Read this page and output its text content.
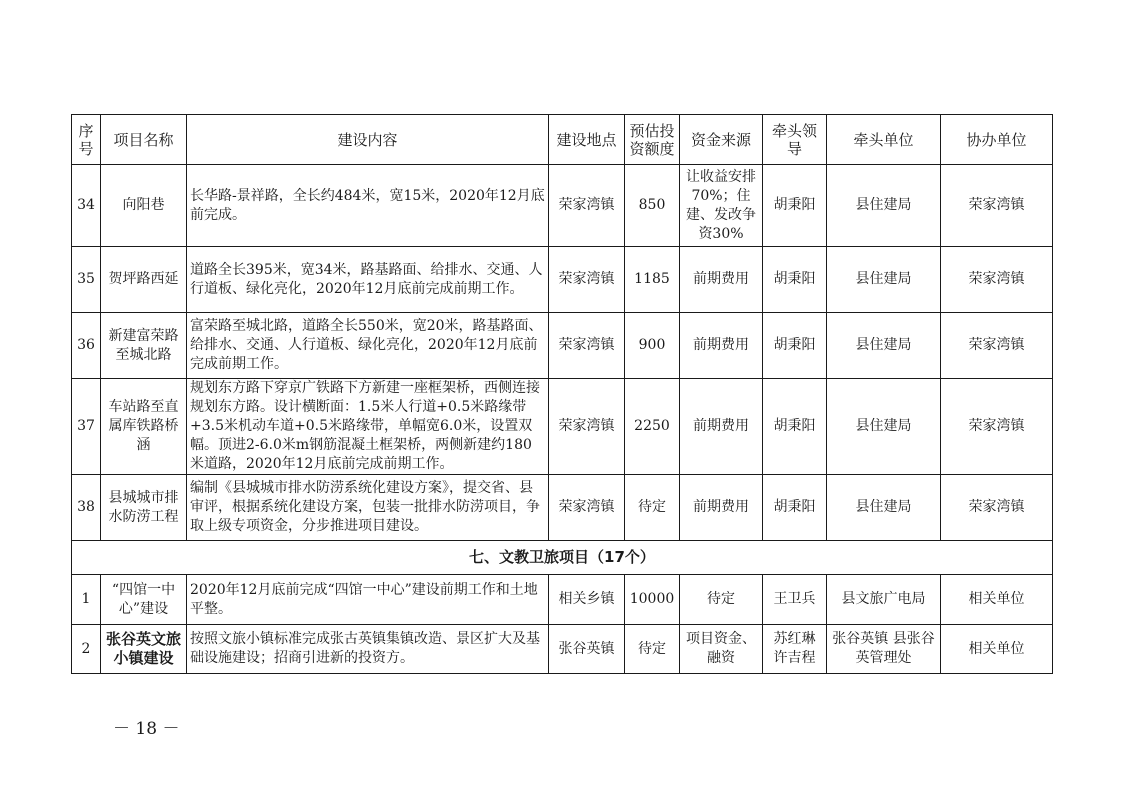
序号	项目名称	建设内容	建设地点	预估投资额度	资金来源	牵头领导	牵头单位	协办单位
34	向阳巷	长华路-景祥路，全长约484米，宽15米，2020年12月底前完成。	荣家湾镇	850	让收益安排70%；住建、发改争资30%	胡秉阳	县住建局	荣家湾镇
35	贺坪路西延	道路全长395米，宽34米，路基路面、给排水、交通、人行道板、绿化亮化，2020年12月底前完成前期工作。	荣家湾镇	1185	前期费用	胡秉阳	县住建局	荣家湾镇
36	新建富荣路至城北路	富荣路至城北路，道路全长550米，宽20米，路基路面、给排水、交通、人行道板、绿化亮化，2020年12月底前完成前期工作。	荣家湾镇	900	前期费用	胡秉阳	县住建局	荣家湾镇
37	车站路至直属库铁路桥涵	规划东方路下穿京广铁路下方新建一座框架桥，西侧连接规划东方路。设计横断面：1.5米人行道+0.5米路缘带+3.5米机动车道+0.5米路缘带，单幅宽6.0米，设置双幅。顶进2-6.0米m钢筋混凝土框架桥，两侧新建约180米道路，2020年12月底前完成前期工作。	荣家湾镇	2250	前期费用	胡秉阳	县住建局	荣家湾镇
38	县城城市排水防涝工程	编制《县城城市排水防涝系统化建设方案》，提交省、县审评，根据系统化建设方案，包装一批排水防涝项目，争取上级专项资金，分步推进项目建设。	荣家湾镇	待定	前期费用	胡秉阳	县住建局	荣家湾镇
七、文教卫旅项目（17个）								
1	“四馆一中心”建设	2020年12月底前完成“四馆一中心”建设前期工作和土地平整。	相关乡镇	10000	待定	王卫兵	县文旅广电局	相关单位
2	张谷英文旅小镇建设	按照文旅小镇标准完成张古英镇集镇改造、景区扩大及基础设施建设；招商引进新的投资方。	张谷英镇	待定	项目资金、融资	苏红琳 许吉程	张谷英镇 县张谷英管理处	相关单位
－ 18 －
